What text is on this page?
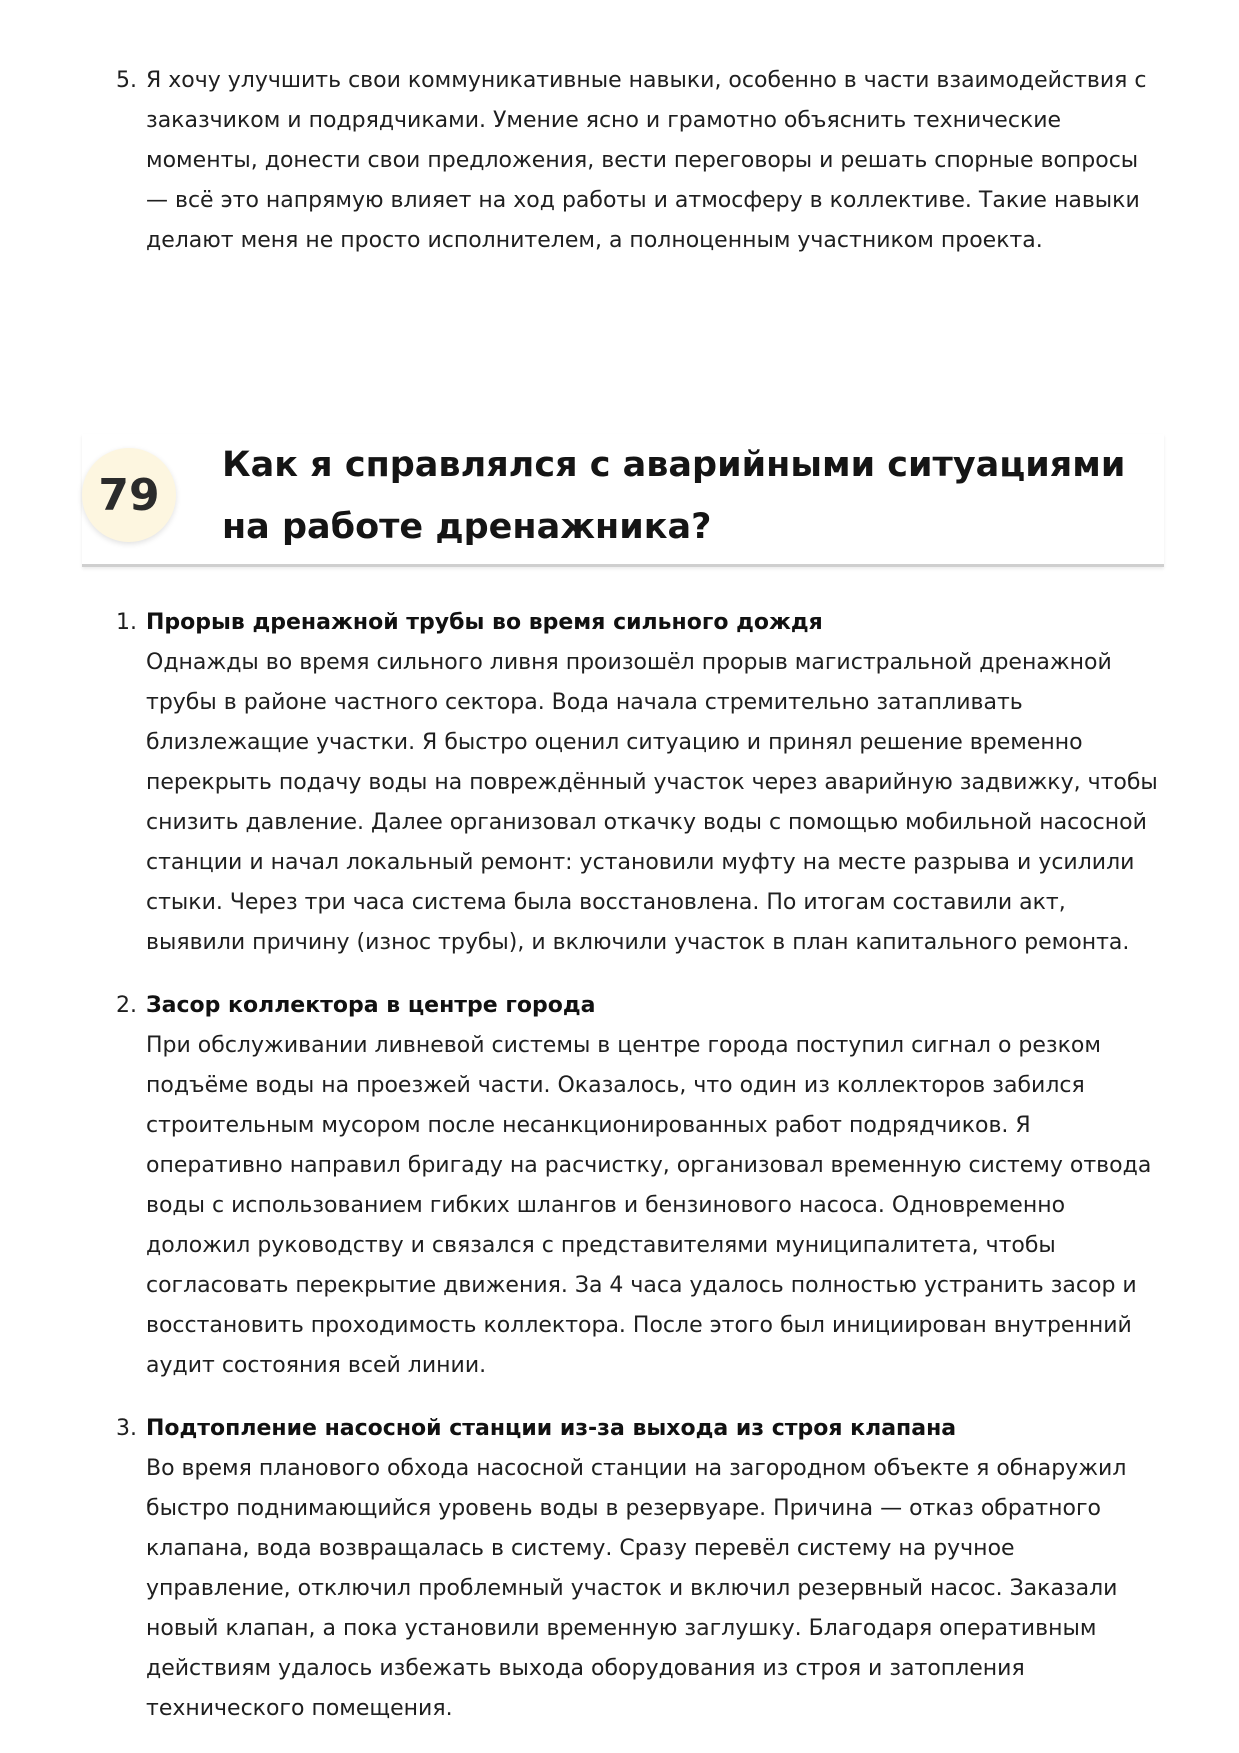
5. Я хочу улучшить свои коммуникативные навыки, особенно в части взаимодействия с заказчиком и подрядчиками. Умение ясно и грамотно объяснить технические моменты, донести свои предложения, вести переговоры и решать спорные вопросы — всё это напрямую влияет на ход работы и атмосферу в коллективе. Такие навыки делают меня не просто исполнителем, а полноценным участником проекта.
79
Как я справлялся с аварийными ситуациями на работе дренажника?
1. Прорыв дренажной трубы во время сильного дождя
Однажды во время сильного ливня произошёл прорыв магистральной дренажной трубы в районе частного сектора. Вода начала стремительно затапливать близлежащие участки. Я быстро оценил ситуацию и принял решение временно перекрыть подачу воды на повреждённый участок через аварийную задвижку, чтобы снизить давление. Далее организовал откачку воды с помощью мобильной насосной станции и начал локальный ремонт: установили муфту на месте разрыва и усилили стыки. Через три часа система была восстановлена. По итогам составили акт, выявили причину (износ трубы), и включили участок в план капитального ремонта.
2. Засор коллектора в центре города
При обслуживании ливневой системы в центре города поступил сигнал о резком подъёме воды на проезжей части. Оказалось, что один из коллекторов забился строительным мусором после несанкционированных работ подрядчиков. Я оперативно направил бригаду на расчистку, организовал временную систему отвода воды с использованием гибких шлангов и бензинового насоса. Одновременно доложил руководству и связался с представителями муниципалитета, чтобы согласовать перекрытие движения. За 4 часа удалось полностью устранить засор и восстановить проходимость коллектора. После этого был инициирован внутренний аудит состояния всей линии.
3. Подтопление насосной станции из-за выхода из строя клапана
Во время планового обхода насосной станции на загородном объекте я обнаружил быстро поднимающийся уровень воды в резервуаре. Причина — отказ обратного клапана, вода возвращалась в систему. Сразу перевёл систему на ручное управление, отключил проблемный участок и включил резервный насос. Заказали новый клапан, а пока установили временную заглушку. Благодаря оперативным действиям удалось избежать выхода оборудования из строя и затопления технического помещения.
